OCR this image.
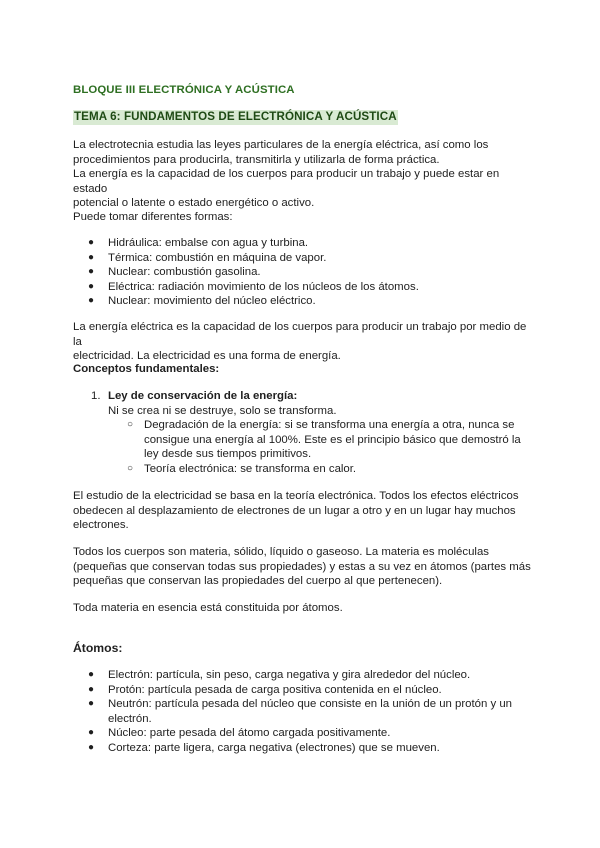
BLOQUE III ELECTRÓNICA Y ACÚSTICA
TEMA 6: FUNDAMENTOS DE ELECTRÓNICA Y ACÚSTICA
La electrotecnia estudia las leyes particulares de la energía eléctrica, así como los
procedimientos para producirla, transmitirla y utilizarla de forma práctica.
La energía es la capacidad de los cuerpos para producir un trabajo y puede estar en estado
potencial o latente o estado energético o activo.
Puede tomar diferentes formas:
● Hidráulica: embalse con agua y turbina.
● Térmica: combustión en máquina de vapor.
● Nuclear: combustión gasolina.
● Eléctrica: radiación movimiento de los núcleos de los átomos.
● Nuclear: movimiento del núcleo eléctrico.
La energía eléctrica es la capacidad de los cuerpos para producir un trabajo por medio de la
electricidad. La electricidad es una forma de energía.
Conceptos fundamentales:
1. Ley de conservación de la energía:
Ni se crea ni se destruye, solo se transforma.
○ Degradación de la energía: si se transforma una energía a otra, nunca se
consigue una energía al 100%. Este es el principio básico que demostró la
ley desde sus tiempos primitivos.
○ Teoría electrónica: se transforma en calor.
El estudio de la electricidad se basa en la teoría electrónica. Todos los efectos eléctricos
obedecen al desplazamiento de electrones de un lugar a otro y en un lugar hay muchos
electrones.
Todos los cuerpos son materia, sólido, líquido o gaseoso. La materia es moléculas
(pequeñas que conservan todas sus propiedades) y estas a su vez en átomos (partes más
pequeñas que conservan las propiedades del cuerpo al que pertenecen).
Toda materia en esencia está constituida por átomos.
Átomos:
● Electrón: partícula, sin peso, carga negativa y gira alrededor del núcleo.
● Protón: partícula pesada de carga positiva contenida en el núcleo.
● Neutrón: partícula pesada del núcleo que consiste en la unión de un protón y un
electrón.
● Núcleo: parte pesada del átomo cargada positivamente.
● Corteza: parte ligera, carga negativa (electrones) que se mueven.
